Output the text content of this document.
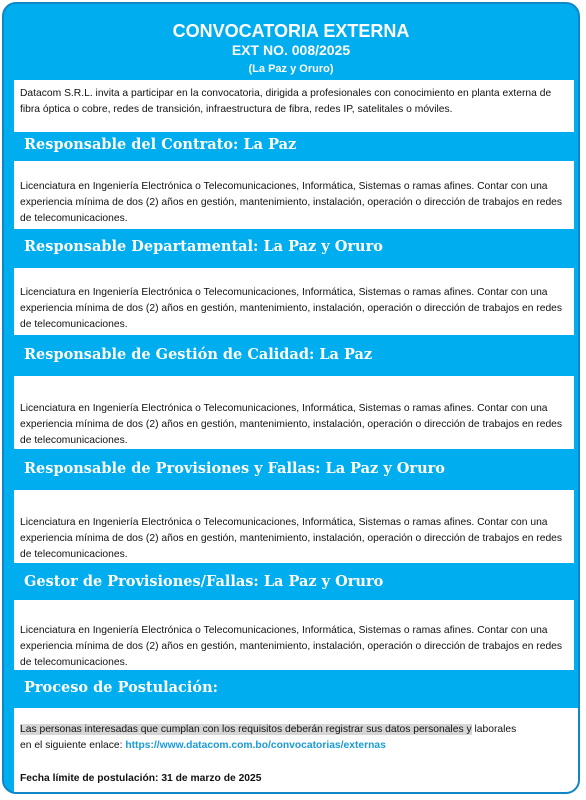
CONVOCATORIA EXTERNA
EXT NO. 008/2025
(La Paz y Oruro)
Datacom S.R.L. invita a participar en la convocatoria, dirigida a profesionales con conocimiento en planta externa de fibra óptica o cobre, redes de transición, infraestructura de fibra, redes IP, satelitales o móviles.
Responsable del Contrato: La Paz
Licenciatura en Ingeniería Electrónica o Telecomunicaciones, Informática, Sistemas o ramas afines. Contar con una experiencia mínima de dos (2) años en gestión, mantenimiento, instalación, operación o dirección de trabajos en redes de telecomunicaciones.
Responsable Departamental: La Paz y Oruro
Licenciatura en Ingeniería Electrónica o Telecomunicaciones, Informática, Sistemas o ramas afines. Contar con una experiencia mínima de dos (2) años en gestión, mantenimiento, instalación, operación o dirección de trabajos en redes de telecomunicaciones.
Responsable de Gestión de Calidad: La Paz
Licenciatura en Ingeniería Electrónica o Telecomunicaciones, Informática, Sistemas o ramas afines. Contar con una experiencia mínima de dos (2) años en gestión, mantenimiento, instalación, operación o dirección de trabajos en redes de telecomunicaciones.
Responsable de Provisiones y Fallas: La Paz y Oruro
Licenciatura en Ingeniería Electrónica o Telecomunicaciones, Informática, Sistemas o ramas afines. Contar con una experiencia mínima de dos (2) años en gestión, mantenimiento, instalación, operación o dirección de trabajos en redes de telecomunicaciones.
Gestor de Provisiones/Fallas: La Paz y Oruro
Licenciatura en Ingeniería Electrónica o Telecomunicaciones, Informática, Sistemas o ramas afines. Contar con una experiencia mínima de dos (2) años en gestión, mantenimiento, instalación, operación o dirección de trabajos en redes de telecomunicaciones.
Proceso de Postulación:
Las personas interesadas que cumplan con los requisitos deberán registrar sus datos personales y laborales
en el siguiente enlace: https://www.datacom.com.bo/convocatorias/externas
Fecha límite de postulación: 31 de marzo de 2025
